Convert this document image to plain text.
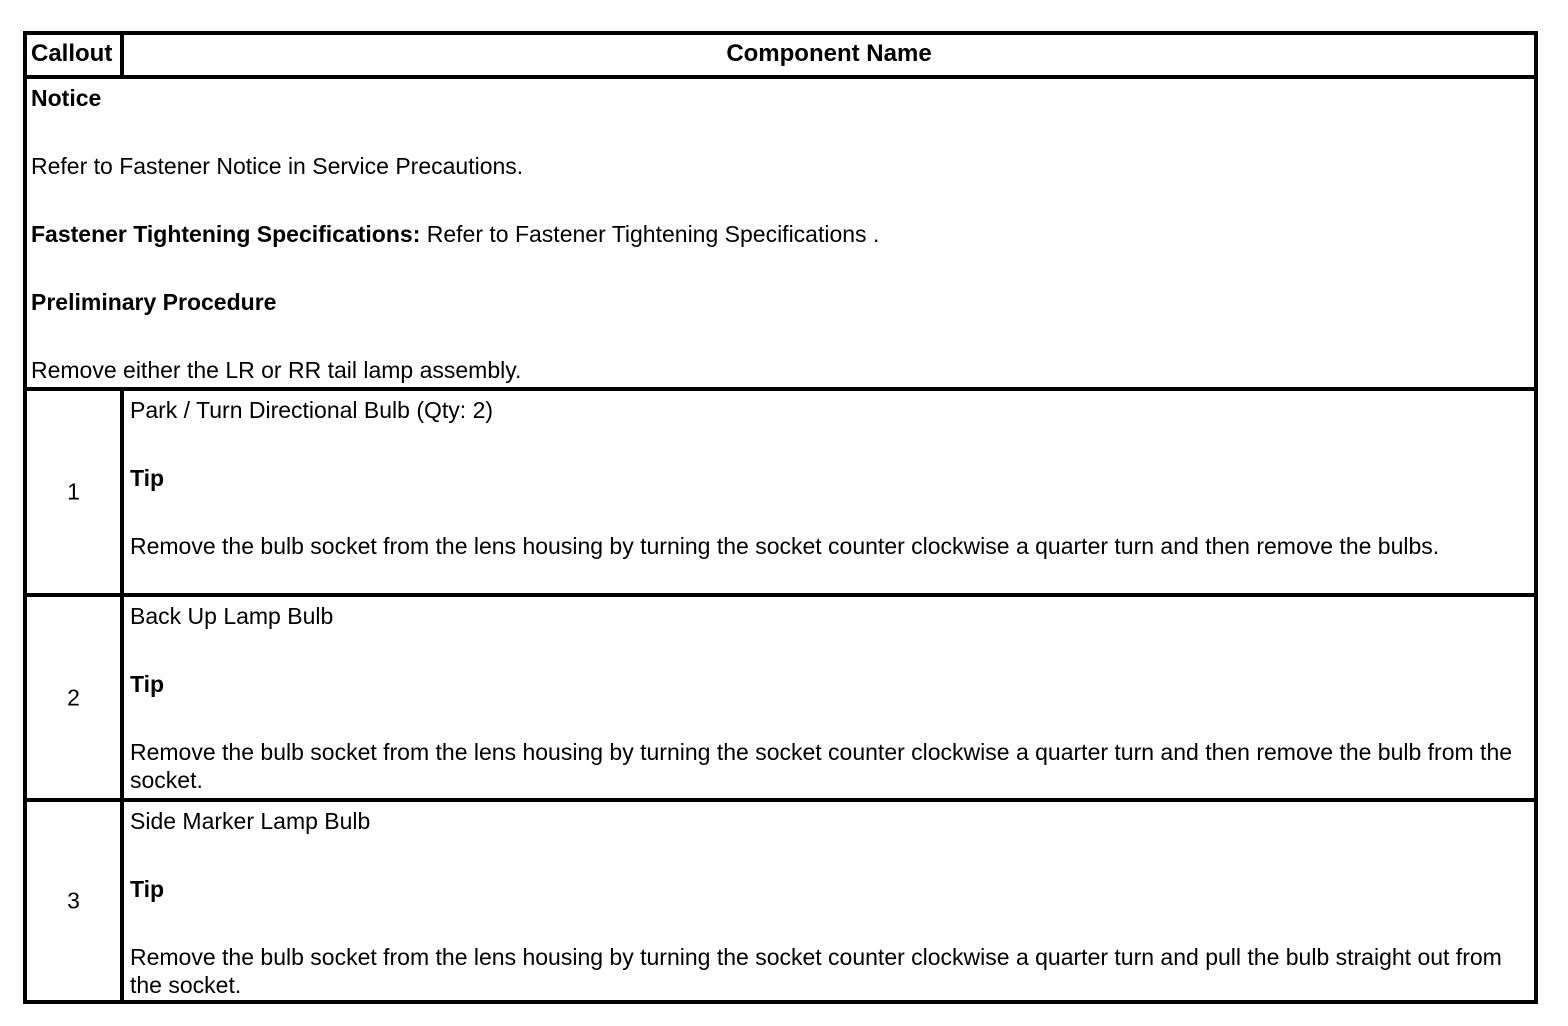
Callout	Component Name

Notice

Refer to Fastener Notice in Service Precautions.

Fastener Tightening Specifications: Refer to Fastener Tightening Specifications .

Preliminary Procedure

Remove either the LR or RR tail lamp assembly.

1

Park / Turn Directional Bulb (Qty: 2)

Tip

Remove the bulb socket from the lens housing by turning the socket counter clockwise a quarter turn and then remove the bulbs.

2

Back Up Lamp Bulb

Tip

Remove the bulb socket from the lens housing by turning the socket counter clockwise a quarter turn and then remove the bulb from the socket.

3

Side Marker Lamp Bulb

Tip

Remove the bulb socket from the lens housing by turning the socket counter clockwise a quarter turn and pull the bulb straight out from the socket.
